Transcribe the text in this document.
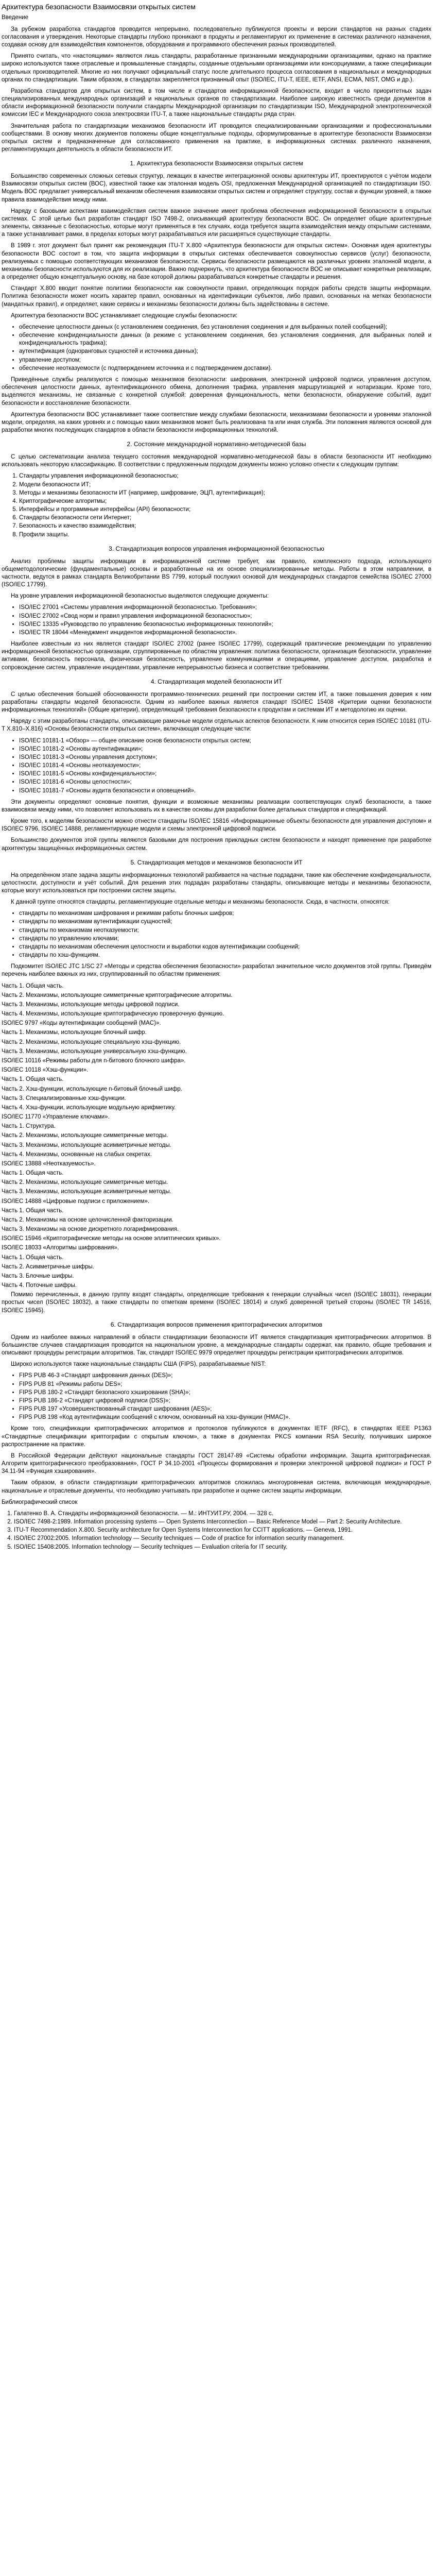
Архитектура безопасности Взаимосвязи открытых систем
Введение

За рубежом разработка стандартов проводится непрерывно, последовательно публикуются проекты и версии стандартов на разных стадиях согласования и утверждения. Некоторые стандарты глубоко проникают в продукты и регламентируют их применение в системах различного назначения, создавая основу для взаимодействия компонентов, оборудования и программного обеспечения разных производителей.

Принято считать, что «настоящими» являются лишь стандарты, разработанные признанными международными организациями, однако на практике широко используются также отраслевые и промышленные стандарты, созданные отдельными организациями или консорциумами, а также спецификации отдельных производителей. Многие из них получают официальный статус после длительного процесса согласования в национальных и международных органах по стандартизации. Таким образом, в стандартах закрепляется признанный опыт (ISO/IEC, ITU-T, IEEE, IETF, ANSI, ECMA, NIST, OMG и др.).

Разработка стандартов для открытых систем, в том числе и стандартов информационной безопасности, входит в число приоритетных задач специализированных международных организаций и национальных органов по стандартизации. Наиболее широкую известность среди документов в области информационной безопасности получили стандарты Международной организации по стандартизации ISO, Международной электротехнической комиссии IEC и Международного союза электросвязи ITU-T, а также национальные стандарты ряда стран.

Значительная работа по стандартизации механизмов безопасности ИТ проводится специализированными организациями и профессиональными сообществами. В основу многих документов положены общие концептуальные подходы, сформулированные в архитектуре безопасности Взаимосвязи открытых систем и предназначенные для согласованного применения на практике, в информационных системах различного назначения, регламентирующих деятельность в области безопасности ИТ.

1. Архитектура безопасности Взаимосвязи открытых систем

Большинство современных сложных сетевых структур, лежащих в качестве интеграционной основы архитектуры ИТ, проектируются с учётом модели Взаимосвязи открытых систем (ВОС), известной также как эталонная модель OSI, предложенная Международной организацией по стандартизации ISO. Модель ВОС предлагает универсальный механизм обеспечения взаимосвязи открытых систем и определяет структуру, состав и функции уровней, а также правила взаимодействия между ними.

Наряду с базовыми аспектами взаимодействия систем важное значение имеет проблема обеспечения информационной безопасности в открытых системах. С этой целью был разработан стандарт ISO 7498-2, описывающий архитектуру безопасности ВОС. Он определяет общие архитектурные элементы, связанные с безопасностью, которые могут применяться в тех случаях, когда требуется защита взаимодействия между открытыми системами, а также устанавливает рамки, в пределах которых могут разрабатываться или расширяться существующие стандарты.

В 1989 г. этот документ был принят как рекомендация ITU-T X.800 «Архитектура безопасности для открытых систем». Основная идея архитектуры безопасности ВОС состоит в том, что защита информации в открытых системах обеспечивается совокупностью сервисов (услуг) безопасности, реализуемых с помощью соответствующих механизмов безопасности. Сервисы безопасности размещаются на различных уровнях эталонной модели, а механизмы безопасности используются для их реализации. Важно подчеркнуть, что архитектура безопасности ВОС не описывает конкретные реализации, а определяет общую концептуальную основу, на базе которой должны разрабатываться конкретные стандарты и решения.

Стандарт X.800 вводит понятие политики безопасности как совокупности правил, определяющих порядок работы средств защиты информации. Политика безопасности может носить характер правил, основанных на идентификации субъектов, либо правил, основанных на метках безопасности (мандатных правил), и определяет, какие сервисы и механизмы безопасности должны быть задействованы в системе.

Архитектура безопасности ВОС устанавливает следующие службы безопасности:

• обеспечение целостности данных (с установлением соединения, без установления соединения и для выбранных полей сообщений);
• обеспечение конфиденциальности данных (в режиме с установлением соединения, без установления соединения, для выбранных полей и конфиденциальность трафика);
• аутентификация (одноранговых сущностей и источника данных);
• управление доступом;
• обеспечение неотказуемости (с подтверждением источника и с подтверждением доставки).

Приведённые службы реализуются с помощью механизмов безопасности: шифрования, электронной цифровой подписи, управления доступом, обеспечения целостности данных, аутентификационного обмена, дополнения трафика, управления маршрутизацией и нотаризации. Кроме того, выделяются механизмы, не связанные с конкретной службой: доверенная функциональность, метки безопасности, обнаружение событий, аудит безопасности и восстановление безопасности.

Архитектура безопасности ВОС устанавливает также соответствие между службами безопасности, механизмами безопасности и уровнями эталонной модели, определяя, на каких уровнях и с помощью каких механизмов может быть реализована та или иная служба. Эти положения являются основой для разработки многих последующих стандартов в области безопасности информационных технологий.

2. Состояние международной нормативно-методической базы

С целью систематизации анализа текущего состояния международной нормативно-методической базы в области безопасности ИТ необходимо использовать некоторую классификацию. В соответствии с предложенным подходом документы можно условно отнести к следующим группам:

1. Стандарты управления информационной безопасностью;
2. Модели безопасности ИТ;
3. Методы и механизмы безопасности ИТ (например, шифрование, ЭЦП, аутентификация);
4. Криптографические алгоритмы;
5. Интерфейсы и программные интерфейсы (API) безопасности;
6. Стандарты безопасности сети Интернет;
7. Безопасность и качество взаимодействия;
8. Профили защиты.
3. Стандартизация вопросов управления информационной безопасностью

Анализ проблемы защиты информации в информационной системе требует, как правило, комплексного подхода, использующего общеметодологические (фундаментальные) основы и разработанные на их основе специализированные методы. Работы в этом направлении, в частности, ведутся в рамках стандарта Великобритании BS 7799, который послужил основой для международных стандартов семейства ISO/IEC 27000 (ISO/IEC 17799).

На уровне управления информационной безопасностью выделяются следующие документы:

• ISO/IEC 27001 «Системы управления информационной безопасностью. Требования»;
• ISO/IEC 27002 «Свод норм и правил управления информационной безопасностью»;
• ISO/IEC 13335 «Руководство по управлению безопасностью информационных технологий»;
• ISO/IEC TR 18044 «Менеджмент инцидентов информационной безопасности».

Наиболее известным из них является стандарт ISO/IEC 27002 (ранее ISO/IEC 17799), содержащий практические рекомендации по управлению информационной безопасностью организации, сгруппированные по областям управления: политика безопасности, организация безопасности, управление активами, безопасность персонала, физическая безопасность, управление коммуникациями и операциями, управление доступом, разработка и сопровождение систем, управление инцидентами, управление непрерывностью бизнеса и соответствие требованиям.

4. Стандартизация моделей безопасности ИТ

С целью обеспечения большей обоснованности программно-технических решений при построении систем ИТ, а также повышения доверия к ним разработаны стандарты моделей безопасности. Одним из наиболее важных является стандарт ISO/IEC 15408 «Критерии оценки безопасности информационных технологий» (Общие критерии), определяющий требования безопасности к продуктам и системам ИТ и методологию их оценки.

Наряду с этим разработаны стандарты, описывающие рамочные модели отдельных аспектов безопасности. К ним относится серия ISO/IEC 10181 (ITU-T X.810–X.816) «Основы безопасности открытых систем», включающая следующие части:

• ISO/IEC 10181-1 «Обзор» — общее описание основ безопасности открытых систем;
• ISO/IEC 10181-2 «Основы аутентификации»;
• ISO/IEC 10181-3 «Основы управления доступом»;
• ISO/IEC 10181-4 «Основы неотказуемости»;
• ISO/IEC 10181-5 «Основы конфиденциальности»;
• ISO/IEC 10181-6 «Основы целостности»;
• ISO/IEC 10181-7 «Основы аудита безопасности и оповещений».

Эти документы определяют основные понятия, функции и возможные механизмы реализации соответствующих служб безопасности, а также взаимосвязи между ними, что позволяет использовать их в качестве основы для разработки более детальных стандартов и спецификаций.

Кроме того, к моделям безопасности можно отнести стандарты ISO/IEC 15816 «Информационные объекты безопасности для управления доступом» и ISO/IEC 9796, ISO/IEC 14888, регламентирующие модели и схемы электронной цифровой подписи.

Большинство документов этой группы являются базовыми для построения прикладных систем безопасности и находят применение при разработке архитектуры защищённых информационных систем.

5. Стандартизация методов и механизмов безопасности ИТ

На определённом этапе задача защиты информационных технологий разбивается на частные подзадачи, такие как обеспечение конфиденциальности, целостности, доступности и учёт событий. Для решения этих подзадач разработаны стандарты, описывающие методы и механизмы безопасности, которые могут использоваться при построении систем защиты.

К данной группе относятся стандарты, регламентирующие отдельные методы и механизмы безопасности. Сюда, в частности, относятся:

• стандарты по механизмам шифрования и режимам работы блочных шифров;
• стандарты по механизмам аутентификации сущностей;
• стандарты по механизмам неотказуемости;
• стандарты по управлению ключами;
• стандарты по механизмам обеспечения целостности и выработки кодов аутентификации сообщений;
• стандарты по хэш-функциям.

Подкомитет ISO/IEC JTC 1/SC 27 «Методы и средства обеспечения безопасности» разработал значительное число документов этой группы. Приведём перечень наиболее важных из них, сгруппированный по областям применения:

Часть 1. Общая часть.
Часть 2. Механизмы, использующие симметричные криптографические алгоритмы.
Часть 3. Механизмы, использующие методы цифровой подписи.
Часть 4. Механизмы, использующие криптографическую проверочную функцию.
ISO/IEC 9797 «Коды аутентификации сообщений (MAC)».
Часть 1. Механизмы, использующие блочный шифр.
Часть 2. Механизмы, использующие специальную хэш-функцию.
Часть 3. Механизмы, использующие универсальную хэш-функцию.
ISO/IEC 10116 «Режимы работы для n-битового блочного шифра».
ISO/IEC 10118 «Хэш-функции».
Часть 1. Общая часть.
Часть 2. Хэш-функции, использующие n-битовый блочный шифр.
Часть 3. Специализированные хэш-функции.
Часть 4. Хэш-функции, использующие модульную арифметику.
ISO/IEC 11770 «Управление ключами».
Часть 1. Структура.
Часть 2. Механизмы, использующие симметричные методы.
Часть 3. Механизмы, использующие асимметричные методы.
Часть 4. Механизмы, основанные на слабых секретах.
ISO/IEC 13888 «Неотказуемость».
Часть 1. Общая часть.
Часть 2. Механизмы, использующие симметричные методы.
Часть 3. Механизмы, использующие асимметричные методы.
ISO/IEC 14888 «Цифровые подписи с приложением».
Часть 1. Общая часть.
Часть 2. Механизмы на основе целочисленной факторизации.
Часть 3. Механизмы на основе дискретного логарифмирования.
ISO/IEC 15946 «Криптографические методы на основе эллиптических кривых».
ISO/IEC 18033 «Алгоритмы шифрования».
Часть 1. Общая часть.
Часть 2. Асимметричные шифры.
Часть 3. Блочные шифры.
Часть 4. Поточные шифры.

Помимо перечисленных, в данную группу входят стандарты, определяющие требования к генерации случайных чисел (ISO/IEC 18031), генерации простых чисел (ISO/IEC 18032), а также стандарты по отметкам времени (ISO/IEC 18014) и служб доверенной третьей стороны (ISO/IEC TR 14516, ISO/IEC 15945).

6. Стандартизация вопросов применения криптографических алгоритмов

Одним из наиболее важных направлений в области стандартизации безопасности ИТ является стандартизация криптографических алгоритмов. В большинстве случаев стандартизация проводится на национальном уровне, а международные стандарты содержат, как правило, общие требования и описывают процедуры регистрации алгоритмов. Так, стандарт ISO/IEC 9979 определяет процедуры регистрации криптографических алгоритмов.

Широко используются также национальные стандарты США (FIPS), разрабатываемые NIST:

• FIPS PUB 46-3 «Стандарт шифрования данных (DES)»;
• FIPS PUB 81 «Режимы работы DES»;
• FIPS PUB 180-2 «Стандарт безопасного хэширования (SHA)»;
• FIPS PUB 186-2 «Стандарт цифровой подписи (DSS)»;
• FIPS PUB 197 «Усовершенствованный стандарт шифрования (AES)»;
• FIPS PUB 198 «Код аутентификации сообщений с ключом, основанный на хэш-функции (HMAC)».

Кроме того, спецификации криптографических алгоритмов и протоколов публикуются в документах IETF (RFC), в стандартах IEEE P1363 «Стандартные спецификации криптографии с открытым ключом», а также в документах PKCS компании RSA Security, получивших широкое распространение на практике.

В Российской Федерации действуют национальные стандарты ГОСТ 28147-89 «Системы обработки информации. Защита криптографическая. Алгоритм криптографического преобразования», ГОСТ Р 34.10-2001 «Процессы формирования и проверки электронной цифровой подписи» и ГОСТ Р 34.11-94 «Функция хэширования».

Таким образом, в области стандартизации криптографических алгоритмов сложилась многоуровневая система, включающая международные, национальные и отраслевые документы, что необходимо учитывать при разработке и оценке систем защиты информации.

Библиографический список
1. Галатенко В. А. Стандарты информационной безопасности. — М.: ИНТУИТ.РУ, 2004. — 328 с.
2. ISO/IEC 7498-2:1989. Information processing systems — Open Systems Interconnection — Basic Reference Model — Part 2: Security Architecture.
3. ITU-T Recommendation X.800. Security architecture for Open Systems Interconnection for CCITT applications. — Geneva, 1991.
4. ISO/IEC 27002:2005. Information technology — Security techniques — Code of practice for information security management.
5. ISO/IEC 15408:2005. Information technology — Security techniques — Evaluation criteria for IT security.
